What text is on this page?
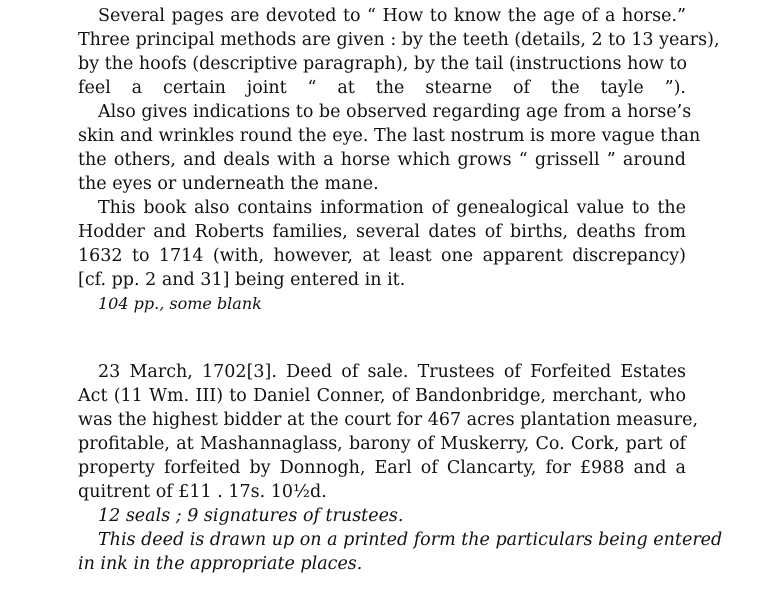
Several pages are devoted to “ How to know the age of a horse.”
Three principal methods are given : by the teeth (details, 2 to 13 years),
by the hoofs (descriptive paragraph), by the tail (instructions how to
feel a certain joint “ at the stearne of the tayle ”).
Also gives indications to be observed regarding age from a horse’s
skin and wrinkles round the eye. The last nostrum is more vague than
the others, and deals with a horse which grows “ grissell ” around
the eyes or underneath the mane.
This book also contains information of genealogical value to the
Hodder and Roberts families, several dates of births, deaths from
1632 to 1714 (with, however, at least one apparent discrepancy)
[cf. pp. 2 and 31] being entered in it.
104 pp., some blank
23 March, 1702[3]. Deed of sale. Trustees of Forfeited Estates
Act (11 Wm. III) to Daniel Conner, of Bandonbridge, merchant, who
was the highest bidder at the court for 467 acres plantation measure,
profitable, at Mashannaglass, barony of Muskerry, Co. Cork, part of
property forfeited by Donnogh, Earl of Clancarty, for £988 and a
quitrent of £11 . 17s. 10½d.
12 seals ; 9 signatures of trustees.
This deed is drawn up on a printed form the particulars being entered
in ink in the appropriate places.
